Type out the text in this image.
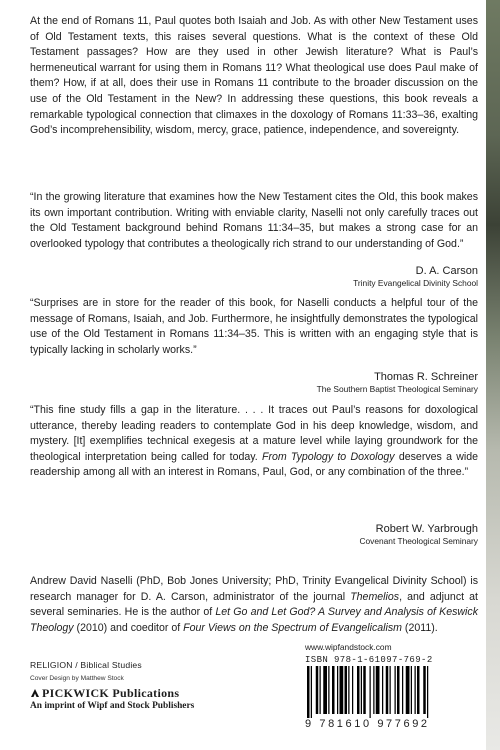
At the end of Romans 11, Paul quotes both Isaiah and Job. As with other New Testament uses of Old Testament texts, this raises several questions. What is the context of these Old Testament passages? How are they used in other Jewish literature? What is Paul’s hermeneutical warrant for using them in Romans 11? What theological use does Paul make of them? How, if at all, does their use in Romans 11 contribute to the broader discussion on the use of the Old Testament in the New? In addressing these questions, this book reveals a remarkable typological connection that climaxes in the doxology of Romans 11:33–36, exalting God’s incomprehensibility, wisdom, mercy, grace, patience, independence, and sovereignty.

“In the growing literature that examines how the New Testament cites the Old, this book makes its own important contribution. Writing with enviable clarity, Naselli not only carefully traces out the Old Testament background behind Romans 11:34–35, but makes a strong case for an overlooked typology that contributes a theologically rich strand to our understanding of God.”

D. A. Carson
Trinity Evangelical Divinity School

“Surprises are in store for the reader of this book, for Naselli conducts a helpful tour of the message of Romans, Isaiah, and Job. Furthermore, he insightfully demonstrates the typological use of the Old Testament in Romans 11:34–35. This is written with an engaging style that is typically lacking in scholarly works.”

Thomas R. Schreiner
The Southern Baptist Theological Seminary

“This fine study fills a gap in the literature. . . . It traces out Paul’s reasons for doxological utterance, thereby leading readers to contemplate God in his deep knowledge, wisdom, and mystery. [It] exemplifies technical exegesis at a mature level while laying groundwork for the theological interpretation being called for today. From Typology to Doxology deserves a wide readership among all with an interest in Romans, Paul, God, or any combination of the three.”

Robert W. Yarbrough
Covenant Theological Seminary

Andrew David Naselli (PhD, Bob Jones University; PhD, Trinity Evangelical Divinity School) is research manager for D. A. Carson, administrator of the journal Themelios, and adjunct at several seminaries. He is the author of Let Go and Let God? A Survey and Analysis of Keswick Theology (2010) and coeditor of Four Views on the Spectrum of Evangelicalism (2011).

RELIGION / Biblical Studies
Cover Design by Matthew Stock
PICKWICK Publications
An imprint of Wipf and Stock Publishers
www.wipfandstock.com
ISBN 978-1-61097-769-2
9 781610 977692
